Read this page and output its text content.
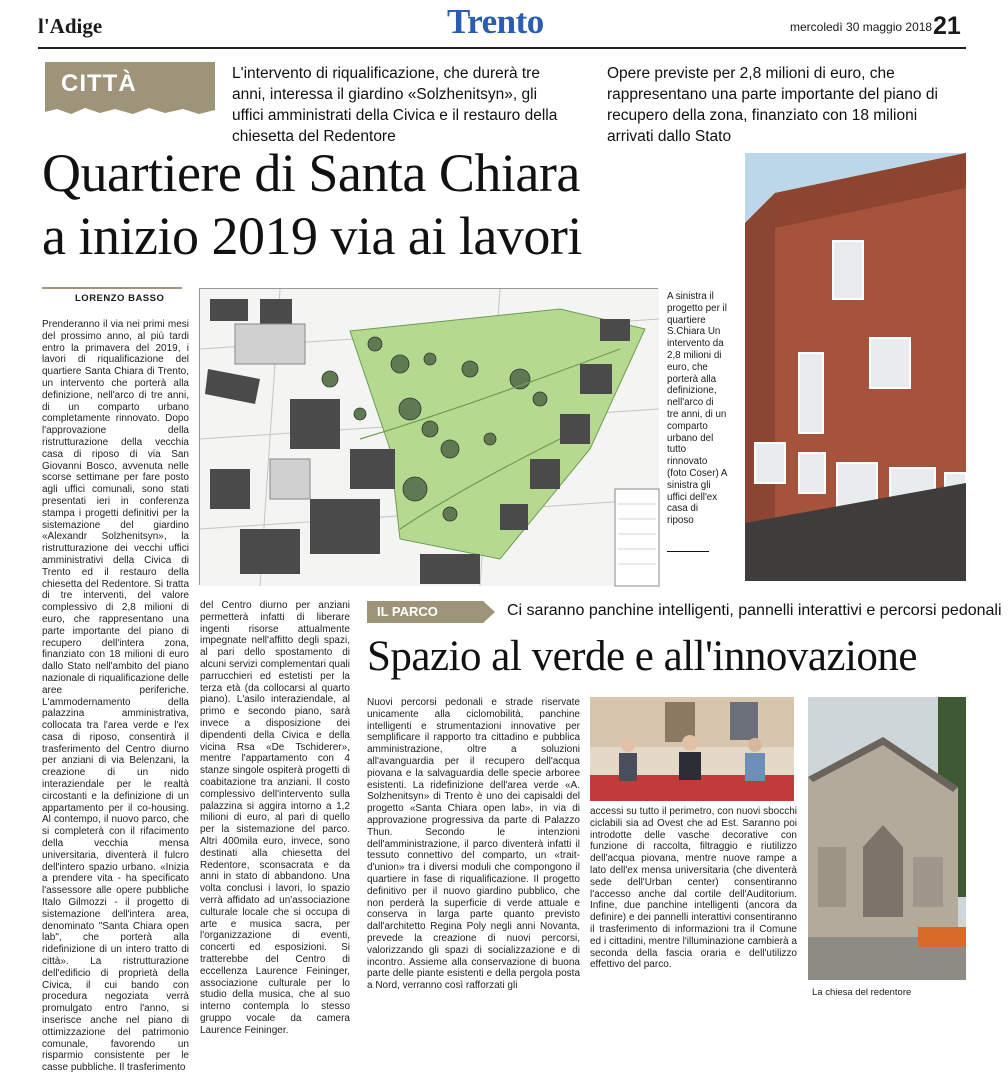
l'Adige	Trento	mercoledì 30 maggio 2018 21
CITTÀ	L'intervento di riqualificazione, che durerà tre anni, interessa il giardino «Solzhenitsyn», gli uffici amministrati della Civica e il restauro della chiesetta del Redentore
Opere previste per 2,8 milioni di euro, che rappresentano una parte importante del piano di recupero della zona, finanziato con 18 milioni arrivati dallo Stato
Quartiere di Santa Chiara
a inizio 2019 via ai lavori
LORENZO BASSO	A sinistra il progetto per il quartiere S.Chiara Un intervento da 2,8 milioni di euro, che porterà alla definizione, nell'arco di tre anni, di un comparto urbano del tutto rinnovato (foto Coser) A sinistra gli uffici dell'ex casa di riposo
Prenderanno il via nei primi mesi del prossimo anno, al più tardi entro la primavera del 2019, i lavori di riqualificazione del quartiere Santa Chiara di Trento, un intervento che porterà alla definizione, nell'arco di tre anni, di un comparto urbano completamente rinnovato. Dopo l'approvazione della ristrutturazione della vecchia casa di riposo di via San Giovanni Bosco, avvenuta nelle scorse settimane per fare posto agli uffici comunali, sono stati presentati ieri in conferenza stampa i progetti definitivi per la sistemazione del giardino «Alexandr Solzhenitsyn», la ristrutturazione dei vecchi uffici amministrativi della Civica di Trento ed il restauro della chiesetta del Redentore. Si tratta di tre interventi, del valore complessivo di 2,8 milioni di euro, che rappresentano una parte importante del piano di recupero dell'intera zona, finanziato con 18 milioni di euro dallo Stato nell'ambito del piano nazionale di riqualificazione delle aree periferiche. L'ammodernamento della palazzina amministrativa, collocata tra l'area verde e l'ex casa di riposo, consentirà il trasferimento del Centro diurno per anziani di via Belenzani, la creazione di un nido interaziendale per le realtà circostanti e la definizione di un appartamento per il co-housing. Al contempo, il nuovo parco, che si completerà con il rifacimento della vecchia mensa universitaria, diventerà il fulcro dell'intero spazio urbano. «Inizia a prendere vita - ha specificato l'assessore alle opere pubbliche Italo Gilmozzi - il progetto di sistemazione dell'intera area, denominato "Santa Chiara open lab", che porterà alla ridefinizione di un intero tratto di città». La ristrutturazione dell'edificio di proprietà della Civica, il cui bando con procedura negoziata verrà promulgato entro l'anno, si inserisce anche nel piano di ottimizzazione del patrimonio comunale, favorendo un risparmio consistente per le casse pubbliche. Il trasferimento
del Centro diurno per anziani permetterà infatti di liberare ingenti risorse attualmente impegnate nell'affitto degli spazi, al pari dello spostamento di alcuni servizi complementari quali parrucchieri ed estetisti per la terza età (da collocarsi al quarto piano). L'asilo interaziendale, al primo e secondo piano, sarà invece a disposizione dei dipendenti della Civica e della vicina Rsa «De Tschiderer», mentre l'appartamento con 4 stanze singole ospiterà progetti di coabitazione tra anziani. Il costo complessivo dell'intervento sulla palazzina si aggira intorno a 1,2 milioni di euro, al pari di quello per la sistemazione del parco. Altri 400mila euro, invece, sono destinati alla chiesetta del Redentore, sconsacrata e da anni in stato di abbandono. Una volta conclusi i lavori, lo spazio verrà affidato ad un'associazione culturale locale che si occupa di arte e musica sacra, per l'organizzazione di eventi, concerti ed esposizioni. Si tratterebbe del Centro di eccellenza Laurence Feininger, associazione culturale per lo studio della musica, che al suo interno contempla lo stesso gruppo vocale da camera Laurence Feininger.
IL PARCO	Ci saranno panchine intelligenti, pannelli interattivi e percorsi pedonali
Spazio al verde e all'innovazione
Nuovi percorsi pedonali e strade riservate unicamente alla ciclomobilità, panchine intelligenti e strumentazioni innovative per semplificare il rapporto tra cittadino e pubblica amministrazione, oltre a soluzioni all'avanguardia per il recupero dell'acqua piovana e la salvaguardia delle specie arboree esistenti. La ridefinizione dell'area verde «A. Solzhenitsyn» di Trento è uno dei capisaldi del progetto «Santa Chiara open lab», in via di approvazione progressiva da parte di Palazzo Thun. Secondo le intenzioni dell'amministrazione, il parco diventerà infatti il tessuto connettivo del comparto, un «trait-d'union» tra i diversi moduli che compongono il quartiere in fase di riqualificazione. Il progetto definitivo per il nuovo giardino pubblico, che non perderà la superficie di verde attuale e conserva in larga parte quanto previsto dall'architetto Regina Poly negli anni Novanta, prevede la creazione di nuovi percorsi, valorizzando gli spazi di socializzazione e di incontro. Assieme alla conservazione di buona parte delle piante esistenti e della pergola posta a Nord, verranno così rafforzati gli
accessi su tutto il perimetro, con nuovi sbocchi ciclabili sia ad Ovest che ad Est. Saranno poi introdotte delle vasche decorative con funzione di raccolta, filtraggio e riutilizzo dell'acqua piovana, mentre nuove rampe a lato dell'ex mensa universitaria (che diventerà sede dell'Urban center) consentiranno l'accesso anche dal cortile dell'Auditorium. Infine, due panchine intelligenti (ancora da definire) e dei pannelli interattivi consentiranno il trasferimento di informazioni tra il Comune ed i cittadini, mentre l'illuminazione cambierà a seconda della fascia oraria e dell'utilizzo effettivo del parco.
La chiesa del redentore
